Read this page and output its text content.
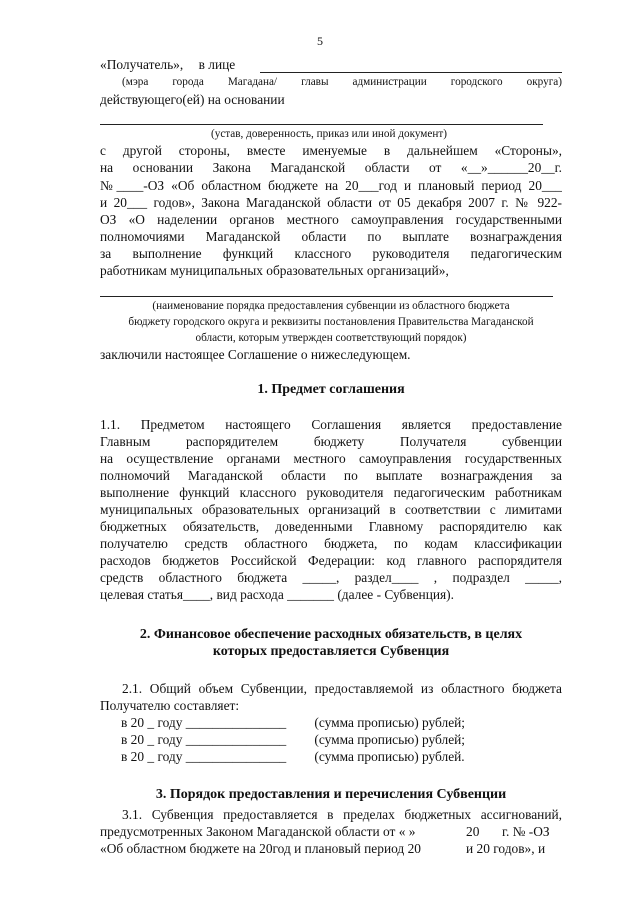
5
«Получатель», в лице
(мэра города Магадана/ главы администрации городского округа)
действующего(ей) на основании
(устав, доверенность, приказ или иной документ)
с другой стороны, вместе именуемые в дальнейшем «Стороны»,
на основании Закона Магаданской области от «__»______20__г.
№____-ОЗ «Об областном бюджете на 20___год и плановый период 20___
и 20___ годов», Закона Магаданской области от 05 декабря 2007 г. № 922-
ОЗ «О наделении органов местного самоуправления государственными
полномочиями Магаданской области по выплате вознаграждения
за выполнение функций классного руководителя педагогическим
работникам муниципальных образовательных организаций»,
(наименование порядка предоставления субвенции из областного бюджета
бюджету городского округа и реквизиты постановления Правительства Магаданской
области, которым утвержден соответствующий порядок)
заключили настоящее Соглашение о нижеследующем.
1. Предмет соглашения
1.1. Предметом настоящего Соглашения является предоставление
Главным распорядителем бюджету Получателя субвенции
на осуществление органами местного самоуправления государственных
полномочий Магаданской области по выплате вознаграждения за
выполнение функций классного руководителя педагогическим работникам
муниципальных образовательных организаций в соответствии с лимитами
бюджетных обязательств, доведенными Главному распорядителю как
получателю средств областного бюджета, по кодам классификации
расходов бюджетов Российской Федерации: код главного распорядителя
средств областного бюджета _____, раздел____ , подраздел _____,
целевая статья____, вид расхода _______ (далее - Субвенция).
2. Финансовое обеспечение расходных обязательств, в целях
которых предоставляется Субвенция
2.1. Общий объем Субвенции, предоставляемой из областного бюджета
Получателю составляет:
в 20 _ году _______________ (сумма прописью) рублей;
в 20 _ году _______________ (сумма прописью) рублей;
в 20 _ году _______________ (сумма прописью) рублей.
3. Порядок предоставления и перечисления Субвенции
3.1. Субвенция предоставляется в пределах бюджетных ассигнований,
предусмотренных Законом Магаданской области от « »	20 г. № -ОЗ
«Об областном бюджете на 20год и плановый период 20	и 20 годов», и
